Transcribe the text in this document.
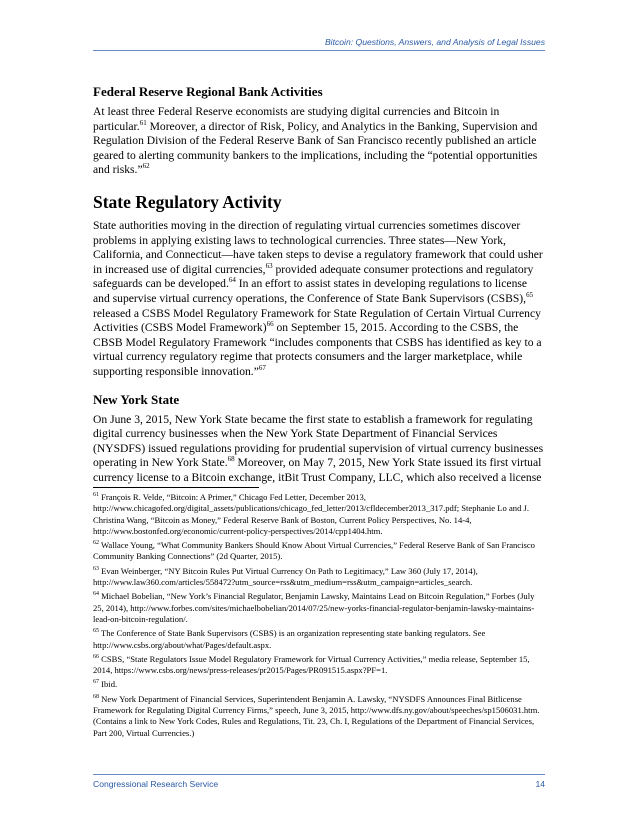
Bitcoin: Questions, Answers, and Analysis of Legal Issues
Federal Reserve Regional Bank Activities

At least three Federal Reserve economists are studying digital currencies and Bitcoin in particular.$^{61}$ Moreover, a director of Risk, Policy, and Analytics in the Banking, Supervision and Regulation Division of the Federal Reserve Bank of San Francisco recently published an article geared to alerting community bankers to the implications, including the “potential opportunities and risks.”$^{62}$

State Regulatory Activity

State authorities moving in the direction of regulating virtual currencies sometimes discover problems in applying existing laws to technological currencies. Three states—New York, California, and Connecticut—have taken steps to devise a regulatory framework that could usher in increased use of digital currencies,$^{63}$ provided adequate consumer protections and regulatory safeguards can be developed.$^{64}$ In an effort to assist states in developing regulations to license and supervise virtual currency operations, the Conference of State Bank Supervisors (CSBS),$^{65}$ released a CSBS Model Regulatory Framework for State Regulation of Certain Virtual Currency Activities (CSBS Model Framework)$^{66}$ on September 15, 2015. According to the CSBS, the CBSB Model Regulatory Framework “includes components that CSBS has identified as key to a virtual currency regulatory regime that protects consumers and the larger marketplace, while supporting responsible innovation.”$^{67}$

New York State

On June 3, 2015, New York State became the first state to establish a framework for regulating digital currency businesses when the New York State Department of Financial Services (NYSDFS) issued regulations providing for prudential supervision of virtual currency businesses operating in New York State.$^{68}$ Moreover, on May 7, 2015, New York State issued its first virtual currency license to a Bitcoin exchange, itBit Trust Company, LLC, which also received a license

$^{61}$ François R. Velde, “Bitcoin: A Primer,” Chicago Fed Letter, December 2013, http://www.chicagofed.org/digital_assets/publications/chicago_fed_letter/2013/cfldecember2013_317.pdf; Stephanie Lo and J. Christina Wang, “Bitcoin as Money,” Federal Reserve Bank of Boston, Current Policy Perspectives, No. 14-4, http://www.bostonfed.org/economic/current-policy-perspectives/2014/cpp1404.htm.

$^{62}$ Wallace Young, “What Community Bankers Should Know About Virtual Currencies,” Federal Reserve Bank of San Francisco Community Banking Connections” (2d Quarter, 2015).

$^{63}$ Evan Weinberger, “NY Bitcoin Rules Put Virtual Currency On Path to Legitimacy,” Law 360 (July 17, 2014), http://www.law360.com/articles/558472?utm_source=rss&utm_medium=rss&utm_campaign=articles_search.

$^{64}$ Michael Bobelian, “New York’s Financial Regulator, Benjamin Lawsky, Maintains Lead on Bitcoin Regulation,” Forbes (July 25, 2014), http://www.forbes.com/sites/michaelbobelian/2014/07/25/new-yorks-financial-regulator-benjamin-lawsky-maintains-lead-on-bitcoin-regulation/.

$^{65}$ The Conference of State Bank Supervisors (CSBS) is an organization representing state banking regulators. See http://www.csbs.org/about/what/Pages/default.aspx.

$^{66}$ CSBS, “State Regulators Issue Model Regulatory Framework for Virtual Currency Activities,” media release, September 15, 2014, https://www.csbs.org/news/press-releases/pr2015/Pages/PR091515.aspx?PF=1.

$^{67}$ Ibid.

$^{68}$ New York Department of Financial Services, Superintendent Benjamin A. Lawsky, “NYSDFS Announces Final Bitlicense Framework for Regulating Digital Currency Firms,” speech, June 3, 2015, http://www.dfs.ny.gov/about/speeches/sp1506031.htm. (Contains a link to New York Codes, Rules and Regulations, Tit. 23, Ch. I, Regulations of the Department of Financial Services, Part 200, Virtual Currencies.)

Congressional Research Service	14
